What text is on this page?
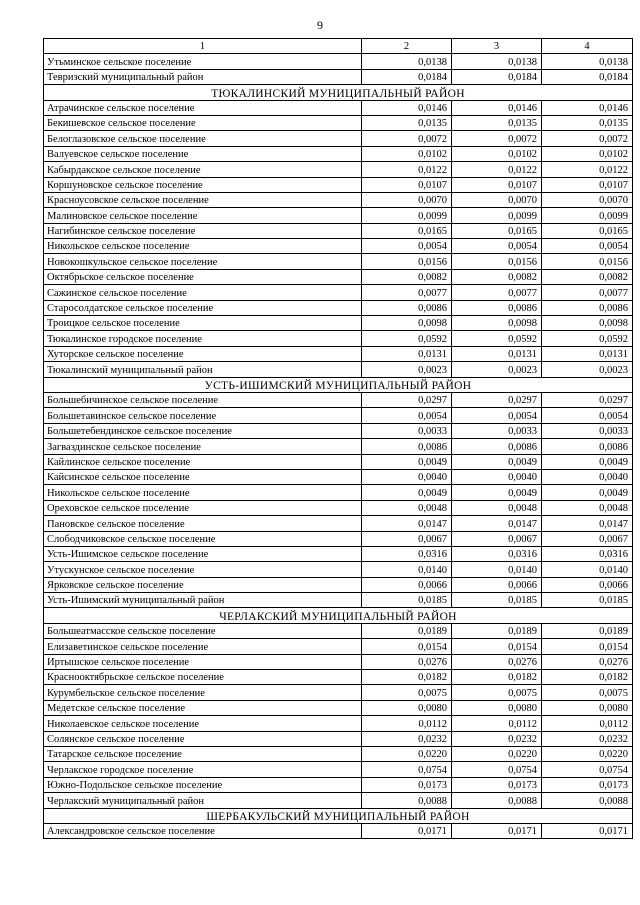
9
1	2	3	4
Утьминское сельское поселение	0,0138	0,0138	0,0138
Тевризский муниципальный район	0,0184	0,0184	0,0184
ТЮКАЛИНСКИЙ МУНИЦИПАЛЬНЫЙ РАЙОН			
Атрачинское сельское поселение	0,0146	0,0146	0,0146
Бекишевское сельское поселение	0,0135	0,0135	0,0135
Белоглазовское сельское поселение	0,0072	0,0072	0,0072
Валуевское сельское поселение	0,0102	0,0102	0,0102
Кабырдакское сельское поселение	0,0122	0,0122	0,0122
Коршуновское сельское поселение	0,0107	0,0107	0,0107
Красноусовское сельское поселение	0,0070	0,0070	0,0070
Малиновское сельское поселение	0,0099	0,0099	0,0099
Нагибинское сельское поселение	0,0165	0,0165	0,0165
Никольское сельское поселение	0,0054	0,0054	0,0054
Новокошкульское сельское поселение	0,0156	0,0156	0,0156
Октябрьское сельское поселение	0,0082	0,0082	0,0082
Сажинское сельское поселение	0,0077	0,0077	0,0077
Старосолдатское сельское поселение	0,0086	0,0086	0,0086
Троицкое сельское поселение	0,0098	0,0098	0,0098
Тюкалинское городское поселение	0,0592	0,0592	0,0592
Хуторское сельское поселение	0,0131	0,0131	0,0131
Тюкалинский муниципальный район	0,0023	0,0023	0,0023
УСТЬ-ИШИМСКИЙ МУНИЦИПАЛЬНЫЙ РАЙОН			
Большебичинское сельское поселение	0,0297	0,0297	0,0297
Большетавинское сельское поселение	0,0054	0,0054	0,0054
Большетебендинское сельское поселение	0,0033	0,0033	0,0033
Загваздинское сельское поселение	0,0086	0,0086	0,0086
Кайлинское сельское поселение	0,0049	0,0049	0,0049
Кайсинское сельское поселение	0,0040	0,0040	0,0040
Никольское сельское поселение	0,0049	0,0049	0,0049
Ореховское сельское поселение	0,0048	0,0048	0,0048
Пановское сельское поселение	0,0147	0,0147	0,0147
Слободчиковское сельское поселение	0,0067	0,0067	0,0067
Усть-Ишимское сельское поселение	0,0316	0,0316	0,0316
Утускунское сельское поселение	0,0140	0,0140	0,0140
Ярковское сельское поселение	0,0066	0,0066	0,0066
Усть-Ишимский муниципальный район	0,0185	0,0185	0,0185
ЧЕРЛАКСКИЙ МУНИЦИПАЛЬНЫЙ РАЙОН			
Большеатмасское сельское поселение	0,0189	0,0189	0,0189
Елизаветинское сельское поселение	0,0154	0,0154	0,0154
Иртышское сельское поселение	0,0276	0,0276	0,0276
Краснооктябрьское сельское поселение	0,0182	0,0182	0,0182
Курумбельское сельское поселение	0,0075	0,0075	0,0075
Медетское сельское поселение	0,0080	0,0080	0,0080
Николаевское сельское поселение	0,0112	0,0112	0,0112
Солянское сельское поселение	0,0232	0,0232	0,0232
Татарское сельское поселение	0,0220	0,0220	0,0220
Черлакское городское поселение	0,0754	0,0754	0,0754
Южно-Подольское сельское поселение	0,0173	0,0173	0,0173
Черлакский муниципальный район	0,0088	0,0088	0,0088
ШЕРБАКУЛЬСКИЙ МУНИЦИПАЛЬНЫЙ РАЙОН			
Александровское сельское поселение	0,0171	0,0171	0,0171
